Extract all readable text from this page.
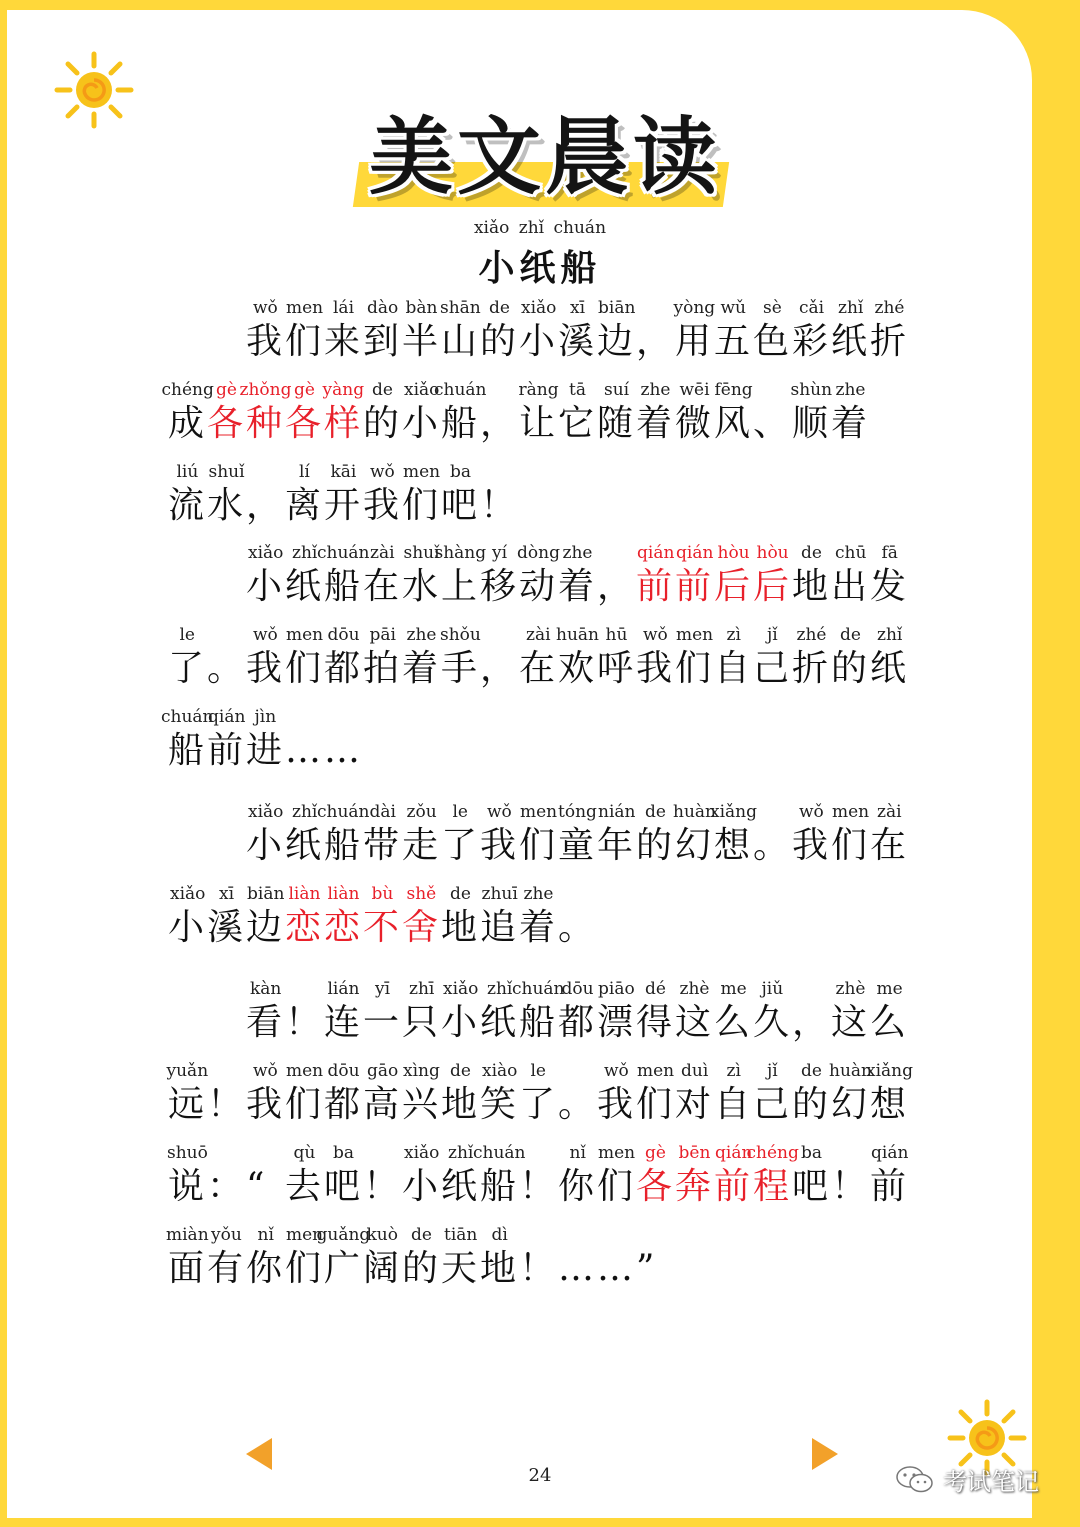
美文晨读
xiǎo zhǐ chuán
小纸船
我 们 来 到 半 山 的 小 溪 边 ， 用 五 色 彩 纸 折
wǒ men lái dào bàn shān de xiǎo xī biān yòng wǔ sè cǎi zhǐ zhé
成 各 种 各 样 的 小 船 ， 让 它 随 着 微 风 、 顺 着
chéng gè zhǒng gè yàng de xiǎo
chuán ràng tā suí zhe wēi fēng shùn zhe
流 水 ， 离 开 我 们 吧 ！
liú shuǐ	lí kāi wǒ men ba
小 纸 船 在 水 上 移 动 着 ， 前 前 后 后 地 出 发
xiǎo zhǐ chuán zài shuǐ
shàng yí dòng zhe	qián qián hòu hòu de chū fā
了 。 我 们 都 拍 着 手 ， 在 欢 呼 我 们 自 己 折 的 纸
le	wǒ men dōu pāi zhe shǒu	zài huān hū wǒ men zì jǐ zhé de zhǐ
船 前 进 … …
chuán
qián jìn
小 纸 船 带 走 了 我 们 童 年 的 幻 想 。 我 们 在
xiǎo zhǐ chuán dài zǒu le wǒ men tóng nián de huàn
xiǎng wǒ men zài
小 溪 边 恋 恋 不 舍 地 追 着 。
xiǎo xī biān liàn liàn bù shě de zhuī zhe
看 ！ 连 一 只 小 纸 船 都 漂 得 这 么 久 ， 这 么
kàn	lián yī zhī xiǎo zhǐ chuán
dōu piāo dé zhè me jiǔ	zhè me
远 ！ 我 们 都 高 兴 地 笑 了 。 我 们 对 自 己 的 幻 想
yuǎn	wǒ men dōu gāo xìng de xiào le	wǒ men duì zì jǐ de huàn
xiǎng
说 ： “ 去 吧 ！ 小 纸 船 ！ 你 们 各 奔 前 程 吧 ！ 前
shuō	qù ba	xiǎo zhǐ chuán	nǐ men gè bēn qián
chéng ba	qián
面 有 你 们 广 阔 的 天 地 ！ … … ”
miàn yǒu nǐ men
guǎng
kuò de tiān dì
24	考试笔记
